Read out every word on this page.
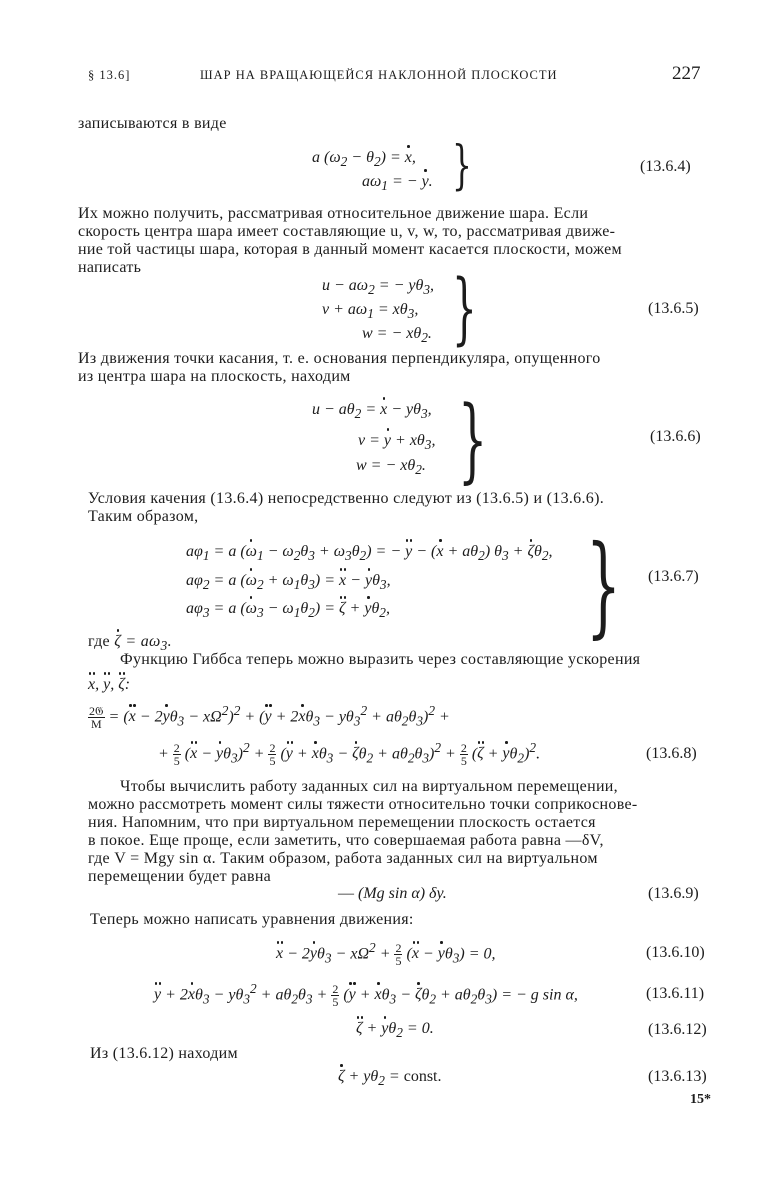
§ 13.6]	ШАР НА ВРАЩАЮЩЕЙСЯ НАКЛОННОЙ ПЛОСКОСТИ	227
записываются в виде
a $(\omega_2 - \theta_2) = x$,
$a\omega_1$ = − y. }	(13.6.4)
Их можно получить, рассматривая относительное движение шара. Если
скорость центра шара имеет составляющие u, v, w, то, рассматривая движе-
ние той частицы шара, которая в данный момент касается плоскости, можем
написать
$u - a\omega_2$ = − $y\theta_3$,
$v + a\omega_1 = x\theta_3$,
w = − $x\theta_2$. }	(13.6.5)
Из движения точки касания, т. е. основания перпендикуляра, опущенного
из центра шара на плоскость, находим
$u - a\theta_2 = x - y\theta_3$,
$v = y + x\theta_3$,
w = − $x\theta_2$. }	(13.6.6)
Условия качения (13.6.4) непосредственно следуют из (13.6.5) и (13.6.6).
Таким образом,
$a\varphi_1 = a$ $(\omega_1 - \omega_2\theta_3 + \omega_3\theta_2)$ = − $y - (x + a\theta_2)$ $\theta_3 + \zeta\theta_2$,
$a\varphi_2 = a$ $(\omega_2 + \omega_1\theta_3) = x - y\theta_3$,
$a\varphi_3 = a$ $(\omega_3 - \omega_1\theta_2) = \zeta + y\theta_2$, } (13.6.7)
где $\zeta = a\omega_3$.
Функцию Гиббса теперь можно выразить через составляющие ускорения
x, y, ζ:
$\frac{\text{2𝔊}}{M} = (x - 2y\theta_3 - x\Omega^2)^2 + (y + 2x\theta_3 - y\theta_3^2 + a\theta_2\theta_3)^2$ +
+ $\frac{2}{5} (x - y\theta_3)^2 + \frac{2}{5} (y + x\theta_3 - \zeta\theta_2 + a\theta_2\theta_3)^2 + \frac{2}{5} (\zeta + y\theta_2)^2$.	(13.6.8)
Чтобы вычислить работу заданных сил на виртуальном перемещении,
можно рассмотреть момент силы тяжести относительно точки соприкоснове-
ния. Напомним, что при виртуальном перемещении плоскость остается
в покое. Еще проще, если заметить, что совершаемая работа равна —δV,
где V = Mgy sin α. Таким образом, работа заданных сил на виртуальном
перемещении будет равна
— (Mg sin α) δy.	(13.6.9)
Теперь можно написать уравнения движения:
$x - 2y\theta_3 - x\Omega^2 + \frac{2}{5} (x - y\theta_3) = 0$,	(13.6.10)
$y + 2x\theta_3 - y\theta_3^2 + a\theta_2\theta_3 + \frac{2}{5} (y + x\theta_3 - \zeta\theta_2 + a\theta_2\theta_3)$ = − g sin α,	(13.6.11)
$\zeta + y\theta_2 = 0$.	(13.6.12)
Из (13.6.12) находим
$\zeta + y\theta_2$ = const.	(13.6.13)
15*
